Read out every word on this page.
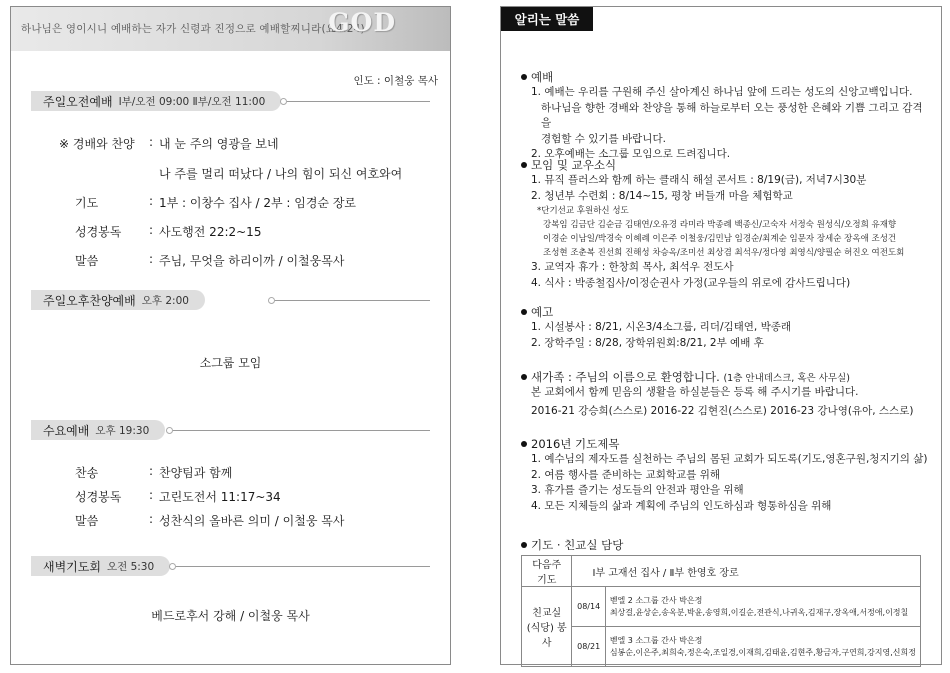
하나님은 영이시니 예배하는 자가 신령과 진정으로 예배할찌니라(요4:24)
GOD
인도 : 이철웅 목사
주일오전예배 Ⅰ부/오전 09:00 Ⅱ부/오전 11:00
※ 경배와 찬양	: 내 눈 주의 영광을 보네
나 주를 멀리 떠났다 / 나의 힘이 되신 여호와여
기도	: 1부 : 이창수 집사 / 2부 : 임경순 장로
성경봉독	: 사도행전 22:2~15
말씀	: 주님, 무엇을 하리이까 / 이철웅목사
주일오후찬양예배 오후 2:00
소그룹 모임
수요예배 오후 19:30
찬송	: 찬양팀과 함께
성경봉독	: 고린도전서 11:17~34
말씀	: 성찬식의 올바른 의미 / 이철웅 목사
새벽기도회 오전 5:30
베드로후서 강해 / 이철웅 목사
알리는 말씀
예배
1. 예배는 우리를 구원해 주신 살아계신 하나님 앞에 드리는 성도의 신앙고백입니다.
하나님을 향한 경배와 찬양을 통해 하늘로부터 오는 풍성한 은혜와 기쁨 그리고 감격을
경험할 수 있기를 바랍니다.
2. 오후예배는 소그룹 모임으로 드려집니다.
모임 및 교우소식
1. 뮤직 플러스와 함께 하는 클래식 해설 콘서트 : 8/19(금), 저녁7시30분
2. 청년부 수련회 : 8/14~15, 평창 버들개 마을 체험학교
*단기선교 후원하신 성도
강복임 김금단 김순금 김태연/오유경 라미라 박종례 백종신/고숙자 서정숙 원성식/오정희 유재향
이경순 이남일/박경숙 이혜례 이은주 이철웅/김민남 임경순/최계순 임문자 장세순 장옥애 조성건
조성현 조춘복 진선희 진해성 차승옥/조미선 최상겸 최석우/정다영 최영식/양필순 허진오 여전도회
3. 교역자 휴가 : 한창희 목사, 최석우 전도사
4. 식사 : 박종철집사/이정순권사 가정(교우들의 위로에 감사드립니다)
예고
1. 시설봉사 : 8/21, 시온3/4소그룹, 리더/김태연, 박종래
2. 장학주일 : 8/28, 장학위원회:8/21, 2부 예배 후
새가족 : 주님의 이름으로 환영합니다. (1층 안내데스크, 혹은 사무실)
본 교회에서 함께 믿음의 생활을 하실분들은 등록 해 주시기를 바랍니다.
2016-21 강승희(스스로) 2016-22 김현진(스스로) 2016-23 강나영(유아, 스스로)
2016년 기도제목
1. 예수님의 제자도를 실천하는 주님의 몸된 교회가 되도록(기도,영혼구원,청지기의 삶)
2. 여름 행사를 준비하는 교회학교를 위해
3. 휴가를 즐기는 성도들의 안전과 평안을 위해
4. 모든 지체들의 삶과 계획에 주님의 인도하심과 형통하심을 위해
기도 · 친교실 담당
다음주 기도	Ⅰ부 고재선 집사 / Ⅱ부 한영호 장로	
친교실(식당) 봉사	08/14	벧엘 2 소그룹 간사 박은정
최상걸,윤상순,송옥분,박윤,송영희,이길순,전관식,나귀옥,김재구,장옥애,서정애,이정칠

	08/21	벧엘 3 소그룹 간사 박은정
심봉순,이은주,최희숙,정은숙,조일경,이재희,김태윤,김현주,황금자,구연희,강지영,신희정
